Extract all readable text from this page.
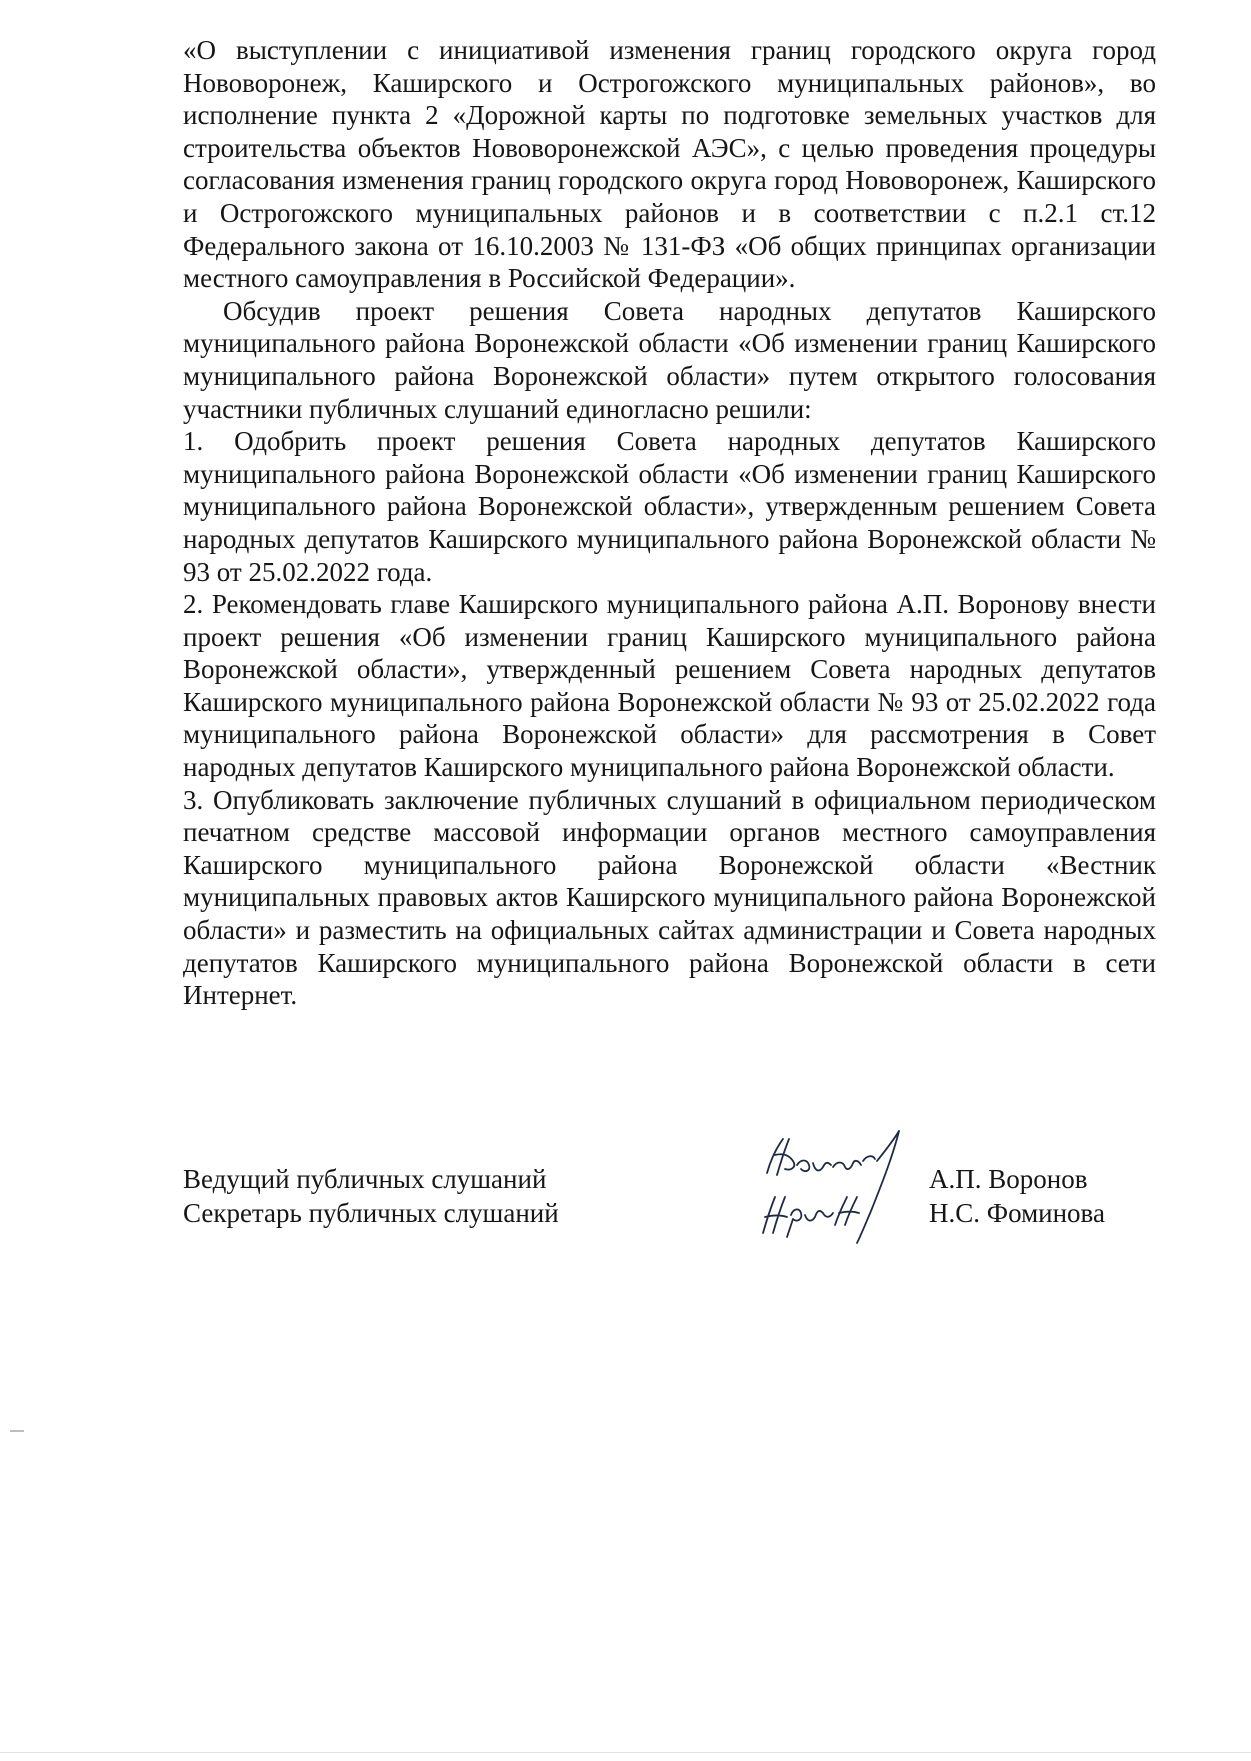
«О выступлении с инициативой изменения границ городского округа город Нововоронеж, Каширского и Острогожского муниципальных районов», во исполнение пункта 2 «Дорожной карты по подготовке земельных участков для строительства объектов Нововоронежской АЭС», с целью проведения процедуры согласования изменения границ городского округа город Нововоронеж, Каширского и Острогожского муниципальных районов и в соответствии с п.2.1 ст.12 Федерального закона от 16.10.2003 № 131-ФЗ «Об общих принципах организации местного самоуправления в Российской Федерации».

Обсудив проект решения Совета народных депутатов Каширского муниципального района Воронежской области «Об изменении границ Каширского муниципального района Воронежской области» путем открытого голосования участники публичных слушаний единогласно решили:

1. Одобрить проект решения Совета народных депутатов Каширского муниципального района Воронежской области «Об изменении границ Каширского муниципального района Воронежской области», утвержденным решением Совета народных депутатов Каширского муниципального района Воронежской области № 93 от 25.02.2022 года.

2. Рекомендовать главе Каширского муниципального района А.П. Воронову внести проект решения «Об изменении границ Каширского муниципального района Воронежской области», утвержденный решением Совета народных депутатов Каширского муниципального района Воронежской области № 93 от 25.02.2022 года муниципального района Воронежской области» для рассмотрения в Совет народных депутатов Каширского муниципального района Воронежской области.

3. Опубликовать заключение публичных слушаний в официальном периодическом печатном средстве массовой информации органов местного самоуправления Каширского муниципального района Воронежской области «Вестник муниципальных правовых актов Каширского муниципального района Воронежской области» и разместить на официальных сайтах администрации и Совета народных депутатов Каширского муниципального района Воронежской области в сети Интернет.

Ведущий публичных слушаний	А.П. Воронов
Секретарь публичных слушаний	Н.С. Фоминова
